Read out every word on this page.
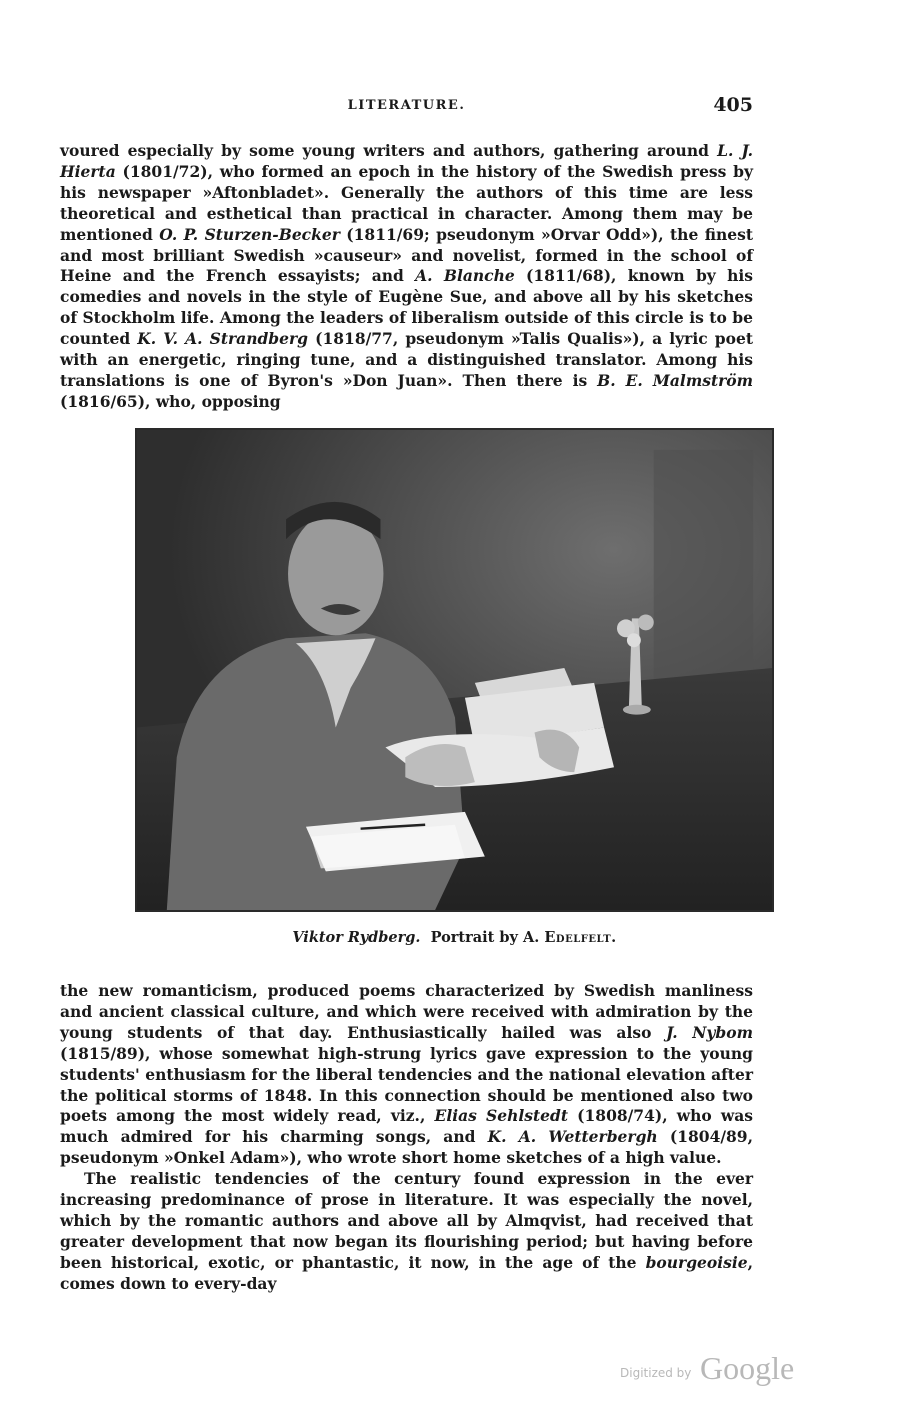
LITERATURE.	405

voured especially by some young writers and authors, gathering around L. J. Hierta (1801/72), who formed an epoch in the history of the Swedish press by his newspaper »Aftonbladet». Generally the authors of this time are less theoretical and esthetical than practical in character. Among them may be mentioned O. P. Sturzen-Becker (1811/69; pseudonym »Orvar Odd»), the finest and most brilliant Swedish »causeur» and novelist, formed in the school of Heine and the French essayists; and A. Blanche (1811/68), known by his comedies and novels in the style of Eugène Sue, and above all by his sketches of Stockholm life. Among the leaders of liberalism outside of this circle is to be counted K. V. A. Strandberg (1818/77, pseudonym »Talis Qualis»), a lyric poet with an energetic, ringing tune, and a distinguished translator. Among his translations is one of Byron's »Don Juan». Then there is B. E. Malmström (1816/65), who, opposing

Viktor Rydberg. Portrait by A. Edelfelt.

the new romanticism, produced poems characterized by Swedish manliness and ancient classical culture, and which were received with admiration by the young students of that day. Enthusiastically hailed was also J. Nybom (1815/89), whose somewhat high-strung lyrics gave expression to the young students' enthusiasm for the liberal tendencies and the national elevation after the political storms of 1848. In this connection should be mentioned also two poets among the most widely read, viz., Elias Sehlstedt (1808/74), who was much admired for his charming songs, and K. A. Wetterbergh (1804/89, pseudonym »Onkel Adam»), who wrote short home sketches of a high value.

The realistic tendencies of the century found expression in the ever increasing predominance of prose in literature. It was especially the novel, which by the romantic authors and above all by Almqvist, had received that greater development that now began its flourishing period; but having before been historical, exotic, or phantastic, it now, in the age of the bourgeoisie, comes down to every-day

Digitized by Google
